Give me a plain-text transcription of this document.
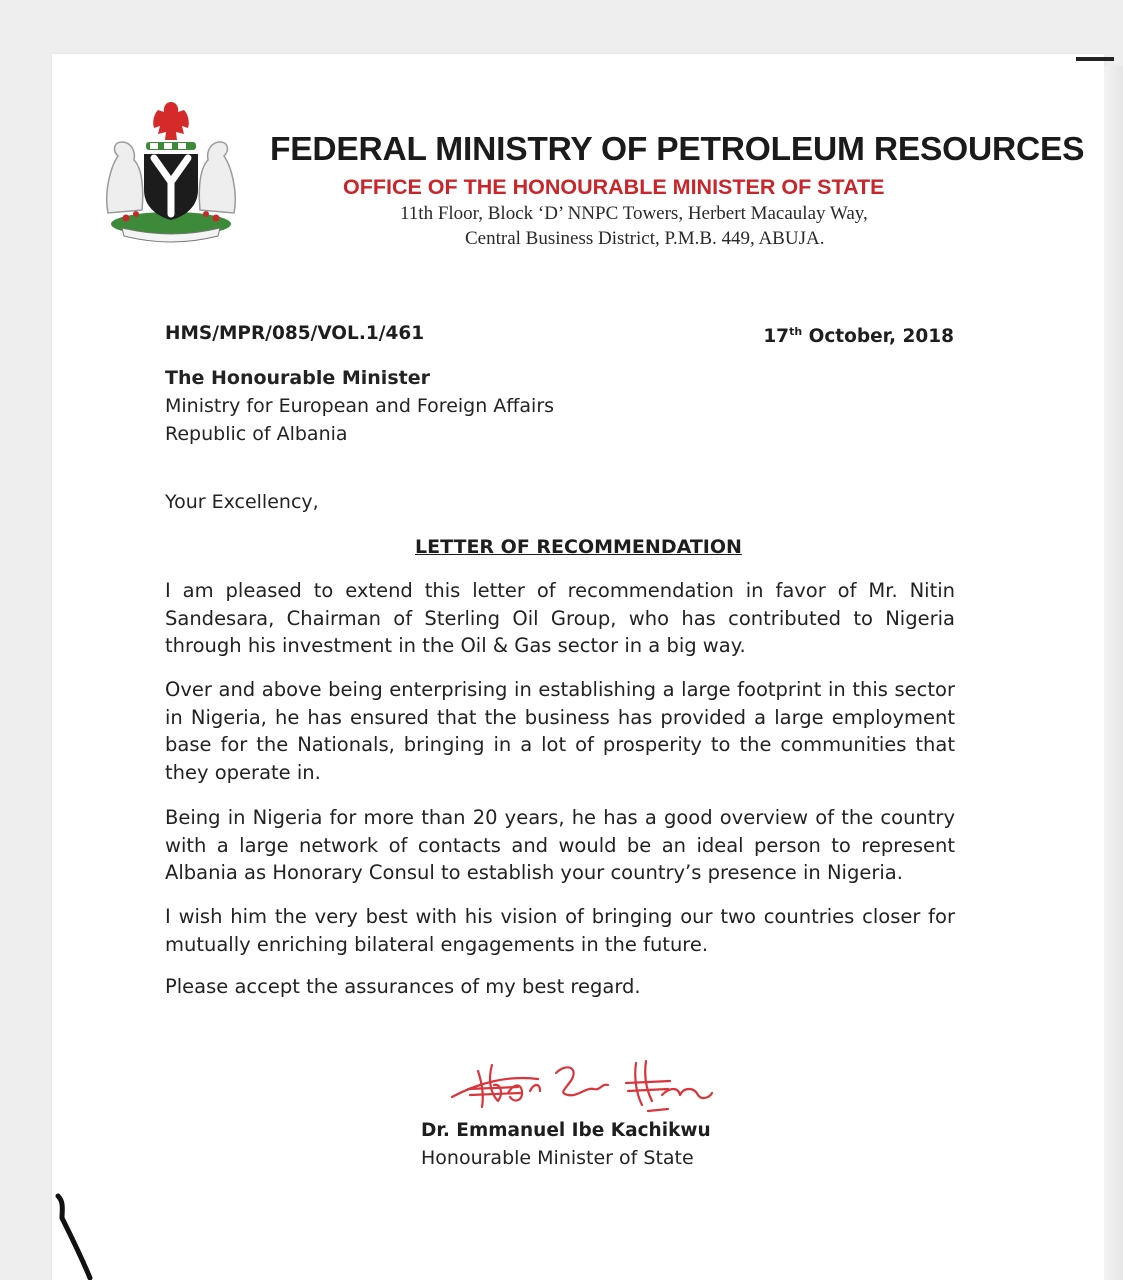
FEDERAL MINISTRY OF PETROLEUM RESOURCES

OFFICE OF THE HONOURABLE MINISTER OF STATE

11th Floor, Block ‘D’ NNPC Towers, Herbert Macaulay Way,

Central Business District, P.M.B. 449, ABUJA.

HMS/MPR/085/VOL.1/461	17th October, 2018
The Honourable Minister
Ministry for European and Foreign Affairs
Republic of Albania
Your Excellency,
LETTER OF RECOMMENDATION

I am pleased to extend this letter of recommendation in favor of Mr. Nitin Sandesara, Chairman of Sterling Oil Group, who has contributed to Nigeria through his investment in the Oil & Gas sector in a big way.

Over and above being enterprising in establishing a large footprint in this sector in Nigeria, he has ensured that the business has provided a large employment base for the Nationals, bringing in a lot of prosperity to the communities that they operate in.

Being in Nigeria for more than 20 years, he has a good overview of the country with a large network of contacts and would be an ideal person to represent Albania as Honorary Consul to establish your country’s presence in Nigeria.

I wish him the very best with his vision of bringing our two countries closer for mutually enriching bilateral engagements in the future.

Please accept the assurances of my best regard.

Dr. Emmanuel Ibe Kachikwu
Honourable Minister of State
